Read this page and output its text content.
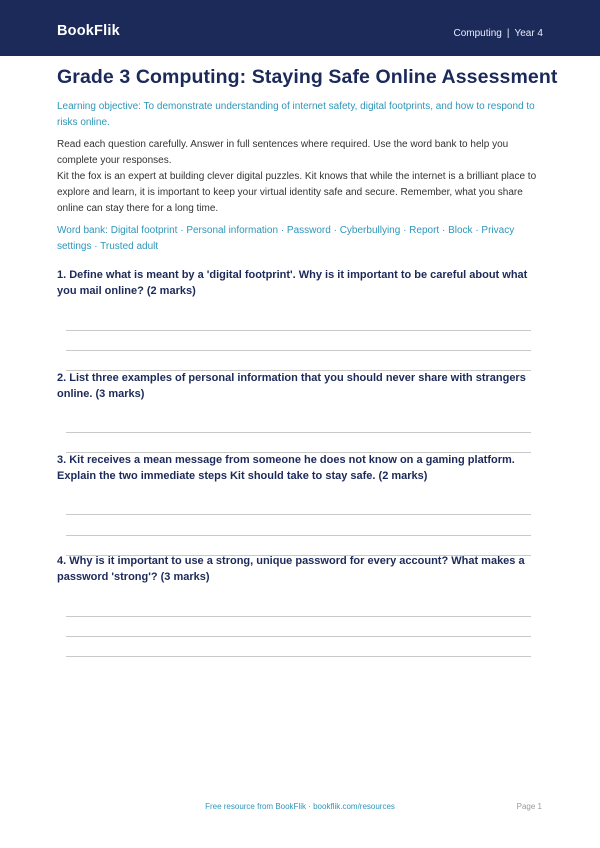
BookFlik	Computing | Year 4
Grade 3 Computing: Staying Safe Online Assessment

Learning objective: To demonstrate understanding of internet safety, digital footprints, and how to respond to risks online.

Read each question carefully. Answer in full sentences where required. Use the word bank to help you complete your responses.

Kit the fox is an expert at building clever digital puzzles. Kit knows that while the internet is a brilliant place to explore and learn, it is important to keep your virtual identity safe and secure. Remember, what you share online can stay there for a long time.

Word bank: Digital footprint · Personal information · Password · Cyberbullying · Report · Block · Privacy settings · Trusted adult

1. Define what is meant by a 'digital footprint'. Why is it important to be careful about what you mail online? (2 marks)

2. List three examples of personal information that you should never share with strangers online. (3 marks)

3. Kit receives a mean message from someone he does not know on a gaming platform. Explain the two immediate steps Kit should take to stay safe. (2 marks)

4. Why is it important to use a strong, unique password for every account? What makes a password 'strong'? (3 marks)

Free resource from BookFlik · bookflik.com/resources	Page 1
